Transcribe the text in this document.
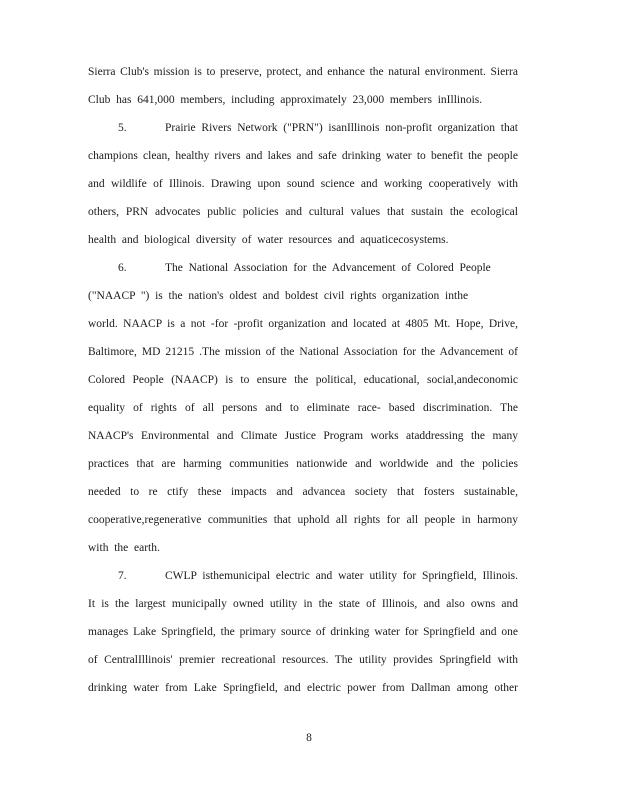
Sierra Club's mission is to preserve, protect, and enhance the natural environment. Sierra

Club has 641,000 members, including approximately 23,000 members inIllinois.

5.	Prairie Rivers Network ("PRN") isanIllinois non-profit organization that

champions clean, healthy rivers and lakes and safe drinking water to benefit the people

and wildlife of Illinois. Drawing upon sound science and working cooperatively with

others, PRN advocates public policies and cultural values that sustain the ecological

health and biological diversity of water resources and aquaticecosystems.

6.	The National Association for the Advancement of Colored People

("NAACP ") is the nation's oldest and boldest civil rights organization inthe

world. NAACP is a not -for -profit organization and located at 4805 Mt. Hope, Drive,

Baltimore, MD 21215 .The mission of the National Association for the Advancement of

Colored People (NAACP) is to ensure the political, educational, social,andeconomic

equality of rights of all persons and to eliminate race- based discrimination. The

NAACP's Environmental and Climate Justice Program works ataddressing the many

practices that are harming communities nationwide and worldwide and the policies

needed to re ctify these impacts and advancea society that fosters sustainable,

cooperative,regenerative communities that uphold all rights for all people in harmony

with the earth.

7.	CWLP isthemunicipal electric and water utility for Springfield, Illinois.

It is the largest municipally owned utility in the state of Illinois, and also owns and

manages Lake Springfield, the primary source of drinking water for Springfield and one

of CentralIllinois' premier recreational resources. The utility provides Springfield with

drinking water from Lake Springfield, and electric power from Dallman among other

8
